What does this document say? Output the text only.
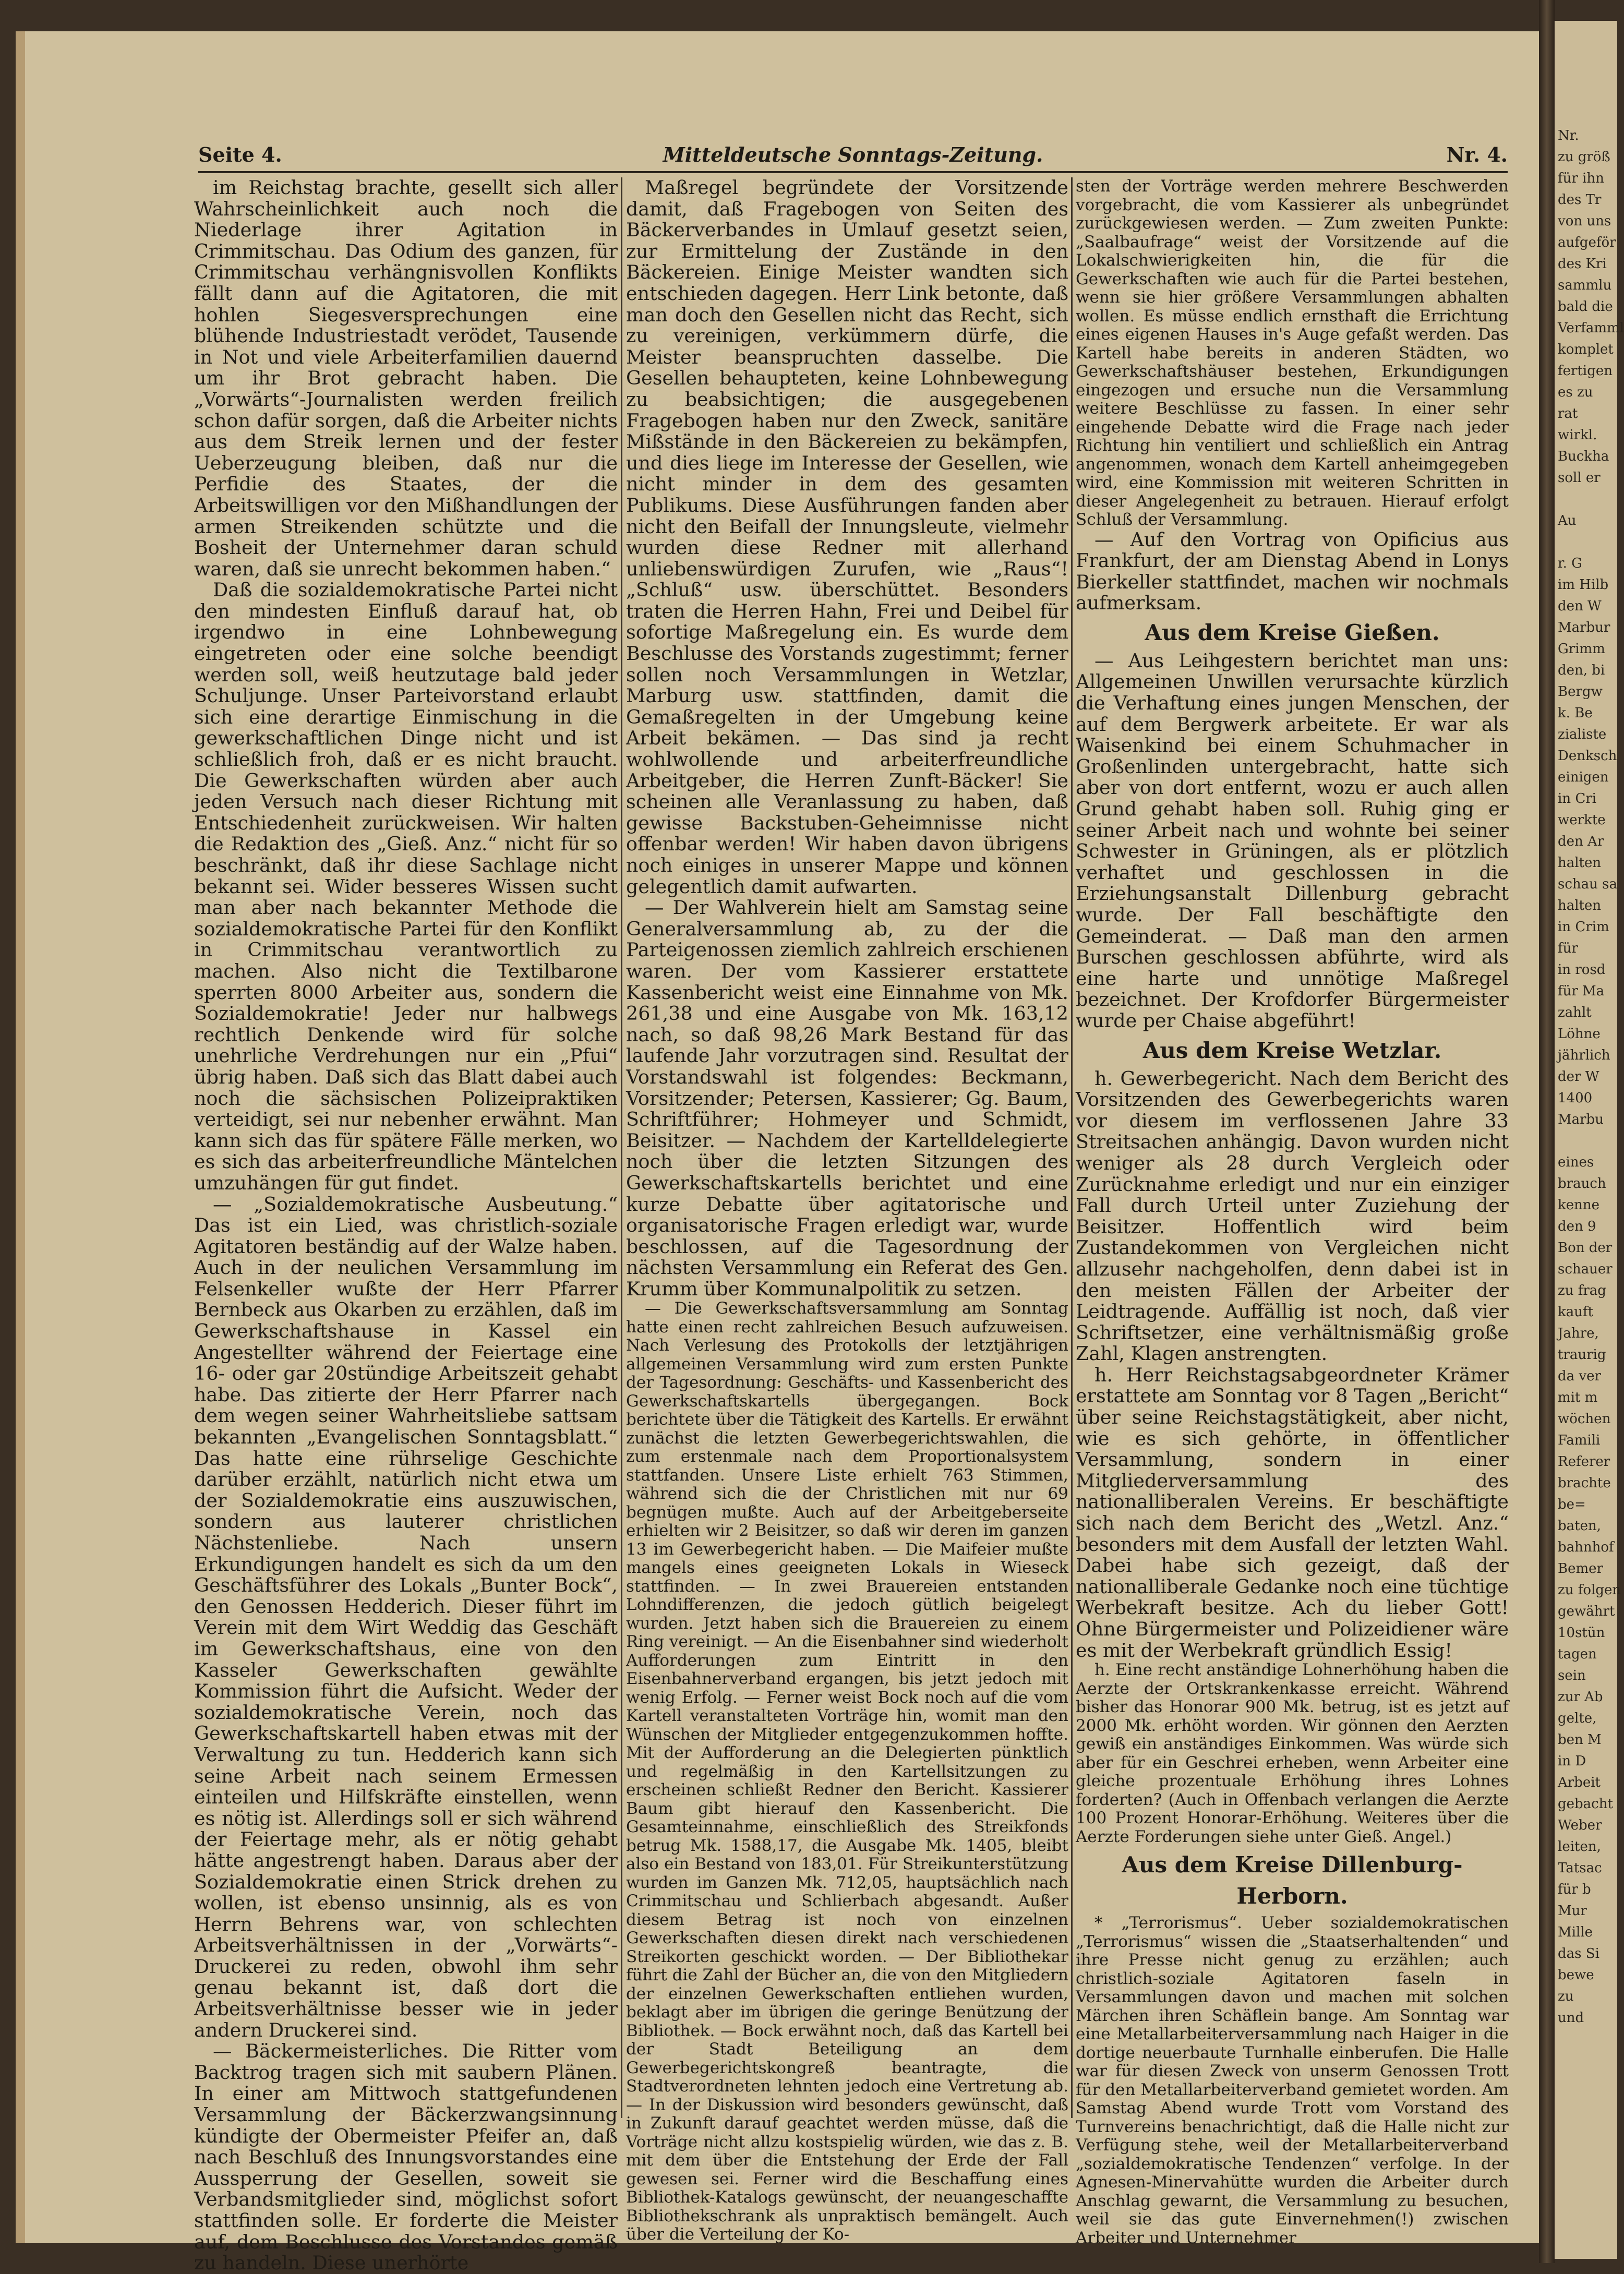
Mitteldeutsche Sonntags-Zeitung.
Seite 4.	Nr. 4.

im Reichstag brachte, gesellt sich aller Wahrscheinlichkeit auch noch die Niederlage ihrer Agitation in Crimmitschau. Das Odium des ganzen, für Crimmitschau verhängnisvollen Konflikts fällt dann auf die Agitatoren, die mit hohlen Siegesversprechungen eine blühende Industriestadt verödet, Tausende in Not und viele Arbeiterfamilien dauernd um ihr Brot gebracht haben. Die „Vorwärts“-Journalisten werden freilich schon dafür sorgen, daß die Arbeiter nichts aus dem Streik lernen und der fester Ueberzeugung bleiben, daß nur die Perfidie des Staates, der die Arbeitswilligen vor den Mißhandlungen der armen Streikenden schützte und die Bosheit der Unternehmer daran schuld waren, daß sie unrecht bekommen haben.“

Daß die sozialdemokratische Partei nicht den mindesten Einfluß darauf hat, ob irgendwo in eine Lohnbewegung eingetreten oder eine solche beendigt werden soll, weiß heutzutage bald jeder Schuljunge. Unser Parteivorstand erlaubt sich eine derartige Einmischung in die gewerkschaftlichen Dinge nicht und ist schließlich froh, daß er es nicht braucht. Die Gewerkschaften würden aber auch jeden Versuch nach dieser Richtung mit Entschiedenheit zurückweisen. Wir halten die Redaktion des „Gieß. Anz.“ nicht für so beschränkt, daß ihr diese Sachlage nicht bekannt sei. Wider besseres Wissen sucht man aber nach bekannter Methode die sozialdemokratische Partei für den Konflikt in Crimmitschau verantwortlich zu machen. Also nicht die Textilbarone sperrten 8000 Arbeiter aus, sondern die Sozialdemokratie! Jeder nur halbwegs rechtlich Denkende wird für solche unehrliche Verdrehungen nur ein „Pfui“ übrig haben. Daß sich das Blatt dabei auch noch die sächsischen Polizeipraktiken verteidigt, sei nur nebenher erwähnt. Man kann sich das für spätere Fälle merken, wo es sich das arbeiterfreundliche Mäntelchen umzuhängen für gut findet.

— „Sozialdemokratische Ausbeutung.“ Das ist ein Lied, was christlich-soziale Agitatoren beständig auf der Walze haben. Auch in der neulichen Versammlung im Felsenkeller wußte der Herr Pfarrer Bernbeck aus Okarben zu erzählen, daß im Gewerkschaftshause in Kassel ein Angestellter während der Feiertage eine 16- oder gar 20stündige Arbeitszeit gehabt habe. Das zitierte der Herr Pfarrer nach dem wegen seiner Wahrheitsliebe sattsam bekannten „Evangelischen Sonntagsblatt.“ Das hatte eine rührselige Geschichte darüber erzählt, natürlich nicht etwa um der Sozialdemokratie eins auszuwischen, sondern aus lauterer christlichen Nächstenliebe. Nach unsern Erkundigungen handelt es sich da um den Geschäftsführer des Lokals „Bunter Bock“, den Genossen Hedderich. Dieser führt im Verein mit dem Wirt Weddig das Geschäft im Gewerkschaftshaus, eine von den Kasseler Gewerkschaften gewählte Kommission führt die Aufsicht. Weder der sozialdemokratische Verein, noch das Gewerkschaftskartell haben etwas mit der Verwaltung zu tun. Hedderich kann sich seine Arbeit nach seinem Ermessen einteilen und Hilfskräfte einstellen, wenn es nötig ist. Allerdings soll er sich während der Feiertage mehr, als er nötig gehabt hätte angestrengt haben. Daraus aber der Sozialdemokratie einen Strick drehen zu wollen, ist ebenso unsinnig, als es von Herrn Behrens war, von schlechten Arbeitsverhältnissen in der „Vorwärts“-Druckerei zu reden, obwohl ihm sehr genau bekannt ist, daß dort die Arbeitsverhältnisse besser wie in jeder andern Druckerei sind.

— Bäckermeisterliches. Die Ritter vom Backtrog tragen sich mit saubern Plänen. In einer am Mittwoch stattgefundenen Versammlung der Bäckerzwangsinnung kündigte der Obermeister Pfeifer an, daß nach Beschluß des Innungsvorstandes eine Aussperrung der Gesellen, soweit sie Verbandsmitglieder sind, möglichst sofort stattfinden solle. Er forderte die Meister auf, dem Beschlusse des Vorstandes gemäß zu handeln. Diese unerhörte

Maßregel begründete der Vorsitzende damit, daß Fragebogen von Seiten des Bäckerverbandes in Umlauf gesetzt seien, zur Ermittelung der Zustände in den Bäckereien. Einige Meister wandten sich entschieden dagegen. Herr Link betonte, daß man doch den Gesellen nicht das Recht, sich zu vereinigen, verkümmern dürfe, die Meister beanspruchten dasselbe. Die Gesellen behaupteten, keine Lohnbewegung zu beabsichtigen; die ausgegebenen Fragebogen haben nur den Zweck, sanitäre Mißstände in den Bäckereien zu bekämpfen, und dies liege im Interesse der Gesellen, wie nicht minder in dem des gesamten Publikums. Diese Ausführungen fanden aber nicht den Beifall der Innungsleute, vielmehr wurden diese Redner mit allerhand unliebenswürdigen Zurufen, wie „Raus“! „Schluß“ usw. überschüttet. Besonders traten die Herren Hahn, Frei und Deibel für sofortige Maßregelung ein. Es wurde dem Beschlusse des Vorstands zugestimmt; ferner sollen noch Versammlungen in Wetzlar, Marburg usw. stattfinden, damit die Gemaßregelten in der Umgebung keine Arbeit bekämen. — Das sind ja recht wohlwollende und arbeiterfreundliche Arbeitgeber, die Herren Zunft-Bäcker! Sie scheinen alle Veranlassung zu haben, daß gewisse Backstuben-Geheimnisse nicht offenbar werden! Wir haben davon übrigens noch einiges in unserer Mappe und können gelegentlich damit aufwarten.

— Der Wahlverein hielt am Samstag seine Generalversammlung ab, zu der die Parteigenossen ziemlich zahlreich erschienen waren. Der vom Kassierer erstattete Kassenbericht weist eine Einnahme von Mk. 261,38 und eine Ausgabe von Mk. 163,12 nach, so daß 98,26 Mark Bestand für das laufende Jahr vorzutragen sind. Resultat der Vorstandswahl ist folgendes: Beckmann, Vorsitzender; Petersen, Kassierer; Gg. Baum, Schriftführer; Hohmeyer und Schmidt, Beisitzer. — Nachdem der Kartelldelegierte noch über die letzten Sitzungen des Gewerkschaftskartells berichtet und eine kurze Debatte über agitatorische und organisatorische Fragen erledigt war, wurde beschlossen, auf die Tagesordnung der nächsten Versammlung ein Referat des Gen. Krumm über Kommunalpolitik zu setzen.

— Die Gewerkschaftsversammlung am Sonntag hatte einen recht zahlreichen Besuch aufzuweisen. Nach Verlesung des Protokolls der letztjährigen allgemeinen Versammlung wird zum ersten Punkte der Tagesordnung: Geschäfts- und Kassenbericht des Gewerkschaftskartells übergegangen. Bock berichtete über die Tätigkeit des Kartells. Er erwähnt zunächst die letzten Gewerbegerichtswahlen, die zum erstenmale nach dem Proportionalsystem stattfanden. Unsere Liste erhielt 763 Stimmen, während sich die der Christlichen mit nur 69 begnügen mußte. Auch auf der Arbeitgeberseite erhielten wir 2 Beisitzer, so daß wir deren im ganzen 13 im Gewerbegericht haben. — Die Maifeier mußte mangels eines geeigneten Lokals in Wieseck stattfinden. — In zwei Brauereien entstanden Lohndifferenzen, die jedoch gütlich beigelegt wurden. Jetzt haben sich die Brauereien zu einem Ring vereinigt. — An die Eisenbahner sind wiederholt Aufforderungen zum Eintritt in den Eisenbahnerverband ergangen, bis jetzt jedoch mit wenig Erfolg. — Ferner weist Bock noch auf die vom Kartell veranstalteten Vorträge hin, womit man den Wünschen der Mitglieder entgegenzukommen hoffte. Mit der Aufforderung an die Delegierten pünktlich und regelmäßig in den Kartellsitzungen zu erscheinen schließt Redner den Bericht. Kassierer Baum gibt hierauf den Kassenbericht. Die Gesamteinnahme, einschließlich des Streikfonds betrug Mk. 1588,17, die Ausgabe Mk. 1405, bleibt also ein Bestand von 183,01. Für Streikunterstützung wurden im Ganzen Mk. 712,05, hauptsächlich nach Crimmitschau und Schlierbach abgesandt. Außer diesem Betrag ist noch von einzelnen Gewerkschaften diesen direkt nach verschiedenen Streikorten geschickt worden. — Der Bibliothekar führt die Zahl der Bücher an, die von den Mitgliedern der einzelnen Gewerkschaften entliehen wurden, beklagt aber im übrigen die geringe Benützung der Bibliothek. — Bock erwähnt noch, daß das Kartell bei der Stadt Beteiligung an dem Gewerbegerichtskongreß beantragte, die Stadtverordneten lehnten jedoch eine Vertretung ab. — In der Diskussion wird besonders gewünscht, daß in Zukunft darauf geachtet werden müsse, daß die Vorträge nicht allzu kostspielig würden, wie das z. B. mit dem über die Entstehung der Erde der Fall gewesen sei. Ferner wird die Beschaffung eines Bibliothek-Katalogs gewünscht, der neuangeschaffte Bibliothekschrank als unpraktisch bemängelt. Auch über die Verteilung der Ko-

sten der Vorträge werden mehrere Beschwerden vorgebracht, die vom Kassierer als unbegründet zurückgewiesen werden. — Zum zweiten Punkte: „Saalbaufrage“ weist der Vorsitzende auf die Lokalschwierigkeiten hin, die für die Gewerkschaften wie auch für die Partei bestehen, wenn sie hier größere Versammlungen abhalten wollen. Es müsse endlich ernsthaft die Errichtung eines eigenen Hauses in's Auge gefaßt werden. Das Kartell habe bereits in anderen Städten, wo Gewerkschaftshäuser bestehen, Erkundigungen eingezogen und ersuche nun die Versammlung weitere Beschlüsse zu fassen. In einer sehr eingehende Debatte wird die Frage nach jeder Richtung hin ventiliert und schließlich ein Antrag angenommen, wonach dem Kartell anheimgegeben wird, eine Kommission mit weiteren Schritten in dieser Angelegenheit zu betrauen. Hierauf erfolgt Schluß der Versammlung.

— Auf den Vortrag von Opificius aus Frankfurt, der am Dienstag Abend in Lonys Bierkeller stattfindet, machen wir nochmals aufmerksam.

Aus dem Kreise Gießen.

— Aus Leihgestern berichtet man uns: Allgemeinen Unwillen verursachte kürzlich die Verhaftung eines jungen Menschen, der auf dem Bergwerk arbeitete. Er war als Waisenkind bei einem Schuhmacher in Großenlinden untergebracht, hatte sich aber von dort entfernt, wozu er auch allen Grund gehabt haben soll. Ruhig ging er seiner Arbeit nach und wohnte bei seiner Schwester in Grüningen, als er plötzlich verhaftet und geschlossen in die Erziehungsanstalt Dillenburg gebracht wurde. Der Fall beschäftigte den Gemeinderat. — Daß man den armen Burschen geschlossen abführte, wird als eine harte und unnötige Maßregel bezeichnet. Der Krofdorfer Bürgermeister wurde per Chaise abgeführt!

Aus dem Kreise Wetzlar.

h. Gewerbegericht. Nach dem Bericht des Vorsitzenden des Gewerbegerichts waren vor diesem im verflossenen Jahre 33 Streitsachen anhängig. Davon wurden nicht weniger als 28 durch Vergleich oder Zurücknahme erledigt und nur ein einziger Fall durch Urteil unter Zuziehung der Beisitzer. Hoffentlich wird beim Zustandekommen von Vergleichen nicht allzusehr nachgeholfen, denn dabei ist in den meisten Fällen der Arbeiter der Leidtragende. Auffällig ist noch, daß vier Schriftsetzer, eine verhältnismäßig große Zahl, Klagen anstrengten.

h. Herr Reichstagsabgeordneter Krämer erstattete am Sonntag vor 8 Tagen „Bericht“ über seine Reichstagstätigkeit, aber nicht, wie es sich gehörte, in öffentlicher Versammlung, sondern in einer Mitgliederversammlung des nationalliberalen Vereins. Er beschäftigte sich nach dem Bericht des „Wetzl. Anz.“ besonders mit dem Ausfall der letzten Wahl. Dabei habe sich gezeigt, daß der nationalliberale Gedanke noch eine tüchtige Werbekraft besitze. Ach du lieber Gott! Ohne Bürgermeister und Polizeidiener wäre es mit der Werbekraft gründlich Essig!

h. Eine recht anständige Lohnerhöhung haben die Aerzte der Ortskrankenkasse erreicht. Während bisher das Honorar 900 Mk. betrug, ist es jetzt auf 2000 Mk. erhöht worden. Wir gönnen den Aerzten gewiß ein anständiges Einkommen. Was würde sich aber für ein Geschrei erheben, wenn Arbeiter eine gleiche prozentuale Erhöhung ihres Lohnes forderten? (Auch in Offenbach verlangen die Aerzte 100 Prozent Honorar-Erhöhung. Weiteres über die Aerzte Forderungen siehe unter Gieß. Angel.)

Aus dem Kreise Dillenburg-Herborn.

* „Terrorismus“. Ueber sozialdemokratischen „Terrorismus“ wissen die „Staatserhaltenden“ und ihre Presse nicht genug zu erzählen; auch christlich-soziale Agitatoren faseln in Versammlungen davon und machen mit solchen Märchen ihren Schäflein bange. Am Sonntag war eine Metallarbeiterversammlung nach Haiger in die dortige neuerbaute Turnhalle einberufen. Die Halle war für diesen Zweck von unserm Genossen Trott für den Metallarbeiterverband gemietet worden. Am Samstag Abend wurde Trott vom Vorstand des Turnvereins benachrichtigt, daß die Halle nicht zur Verfügung stehe, weil der Metallarbeiterverband „sozialdemokratische Tendenzen“ verfolge. In der Agnesen-Minervahütte wurden die Arbeiter durch Anschlag gewarnt, die Versammlung zu besuchen, weil sie das gute Einvernehmen(!) zwischen Arbeiter und Unternehmer

Nr.
zu größ
für ihn
des Tr
von uns
aufgeför
des Kri
sammlu
bald die
Verfamml
komplet
fertigen
es zu
rat
wirkl.
Buckha
soll er

Au

r. G
im Hilb
den W
Marbur
Grimm
den, bi
Bergw
k. Be
zialiste
Denksch
einigen
in Cri
werkte
den Ar
halten
schau sa
halten
in Crim
für
in rosd
für Ma
zahlt
Löhne
jährlich
der W
1400
Marbu

eines
brauch
kenne
den 9
Bon der
schauer
zu frag
kauft
Jahre,
traurig
da ver
mit m
wöchen
Famili
Referer
brachte
be=
baten,
bahnhof
Bemer
zu folgen
gewährt
10stün
tagen
sein
zur Ab
gelte,
ben M
in D
Arbeit
gebacht
Weber
leiten,
Tatsac
für b
Mur
Mille
das Si
bewe
zu
und
